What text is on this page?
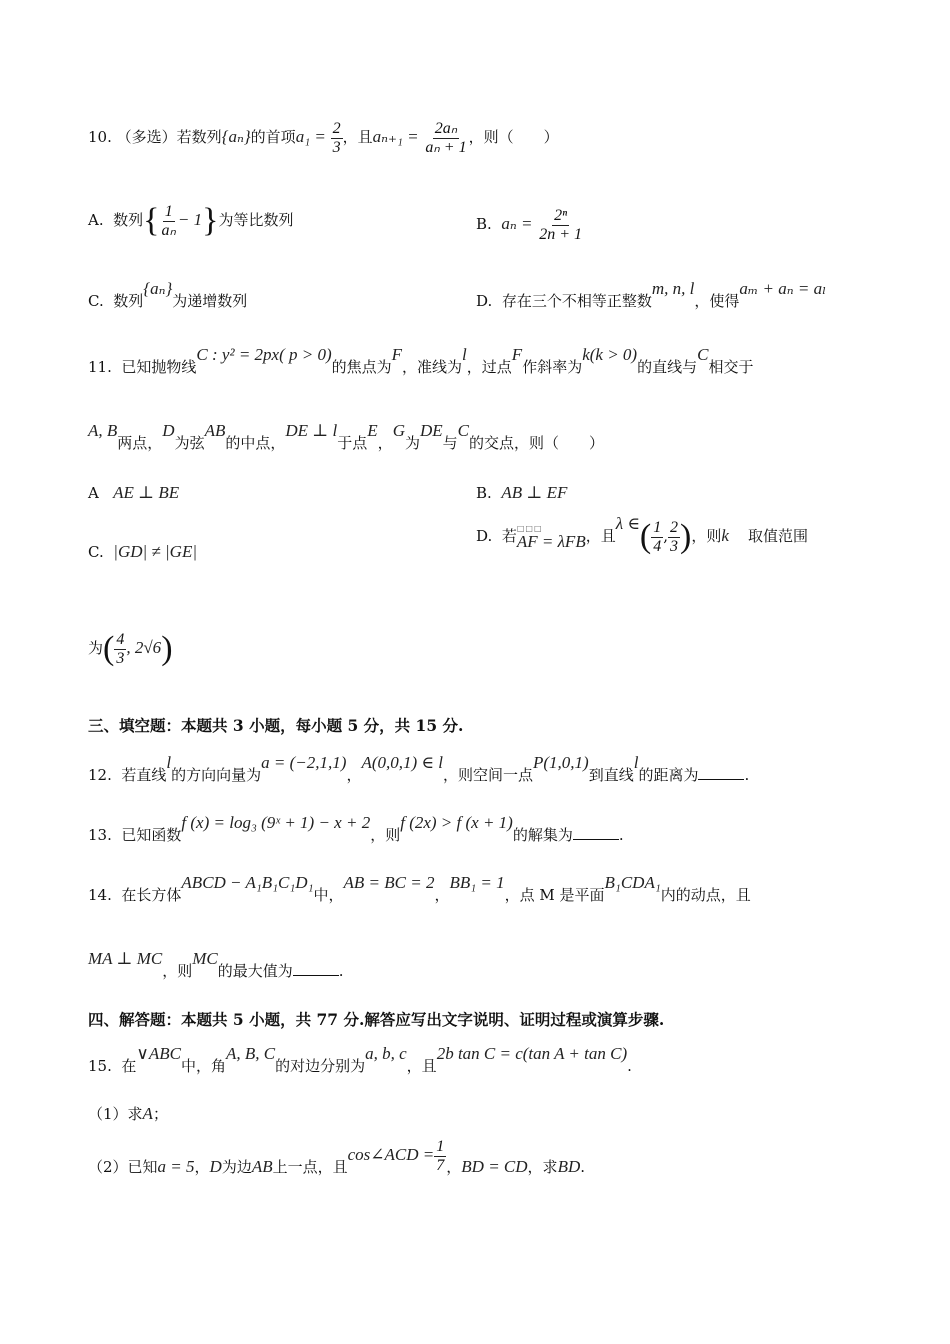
10. （多选）若数列{aₙ}的首项$a_1 = \frac{2}{3}$ ，且$a_{n+1} = \frac{\text{2aₙ}}{\text{aₙ + 1}}$ ，则（　　）
A. 数列{ $\frac{1}{\text{aₙ}} - 1$}为等比数列	B. $a_n = \frac{\text{2ⁿ}}{2n + 1}$
C. 数列{aₙ}为递增数列	D. 存在三个不相等正整数m, n, l，使得aₘ + aₙ = aₗ
11. 已知抛物线C : y² = 2px( p > 0)的焦点为F，准线为l，过点F作斜率为k(k > 0)的直线与C相交于
A, B两点，D为弦AB的中点，DE ⊥ l于点E，G为DE与C的交点，则（　　）
A AE ⊥ BE	B. AB ⊥ EF
C. |GD| ≠ |GE|
D. 若 □□□
AF = λFB ，且λ ∈( $\frac{1}{4}$ , $\frac{2}{3}$ )，则k 取值范围
为( $\frac{4}{3}$ , 2√6)
三、填空题：本题共 3 小题，每小题 5 分，共 15 分.
12. 若直线l的方向向量为a = (−2,1,1)，A(0,0,1) ∈ l，则空间一点P(1,0,1)到直线l的距离为	.
13. 已知函数f (x) = log₃ (9ˣ + 1) − x + 2，则f (2x) > f (x + 1)的解集为	.
14. 在长方体ABCD − A₁B₁C₁D₁中，AB = BC = 2，BB₁ = 1，点 M 是平面B₁CDA₁内的动点，且
MA ⊥ MC，则MC的最大值为	.
四、解答题：本题共 5 小题，共 77 分.解答应写出文字说明、证明过程或演算步骤.
15. 在∨ABC中，角A, B, C的对边分别为a, b, c，且2b tan C = c(tan A + tan C).
（1）求A；
（2）已知a = 5，D为边AB上一点，且cos∠ACD = $\frac{1}{7}$ ，BD = CD，求BD.
